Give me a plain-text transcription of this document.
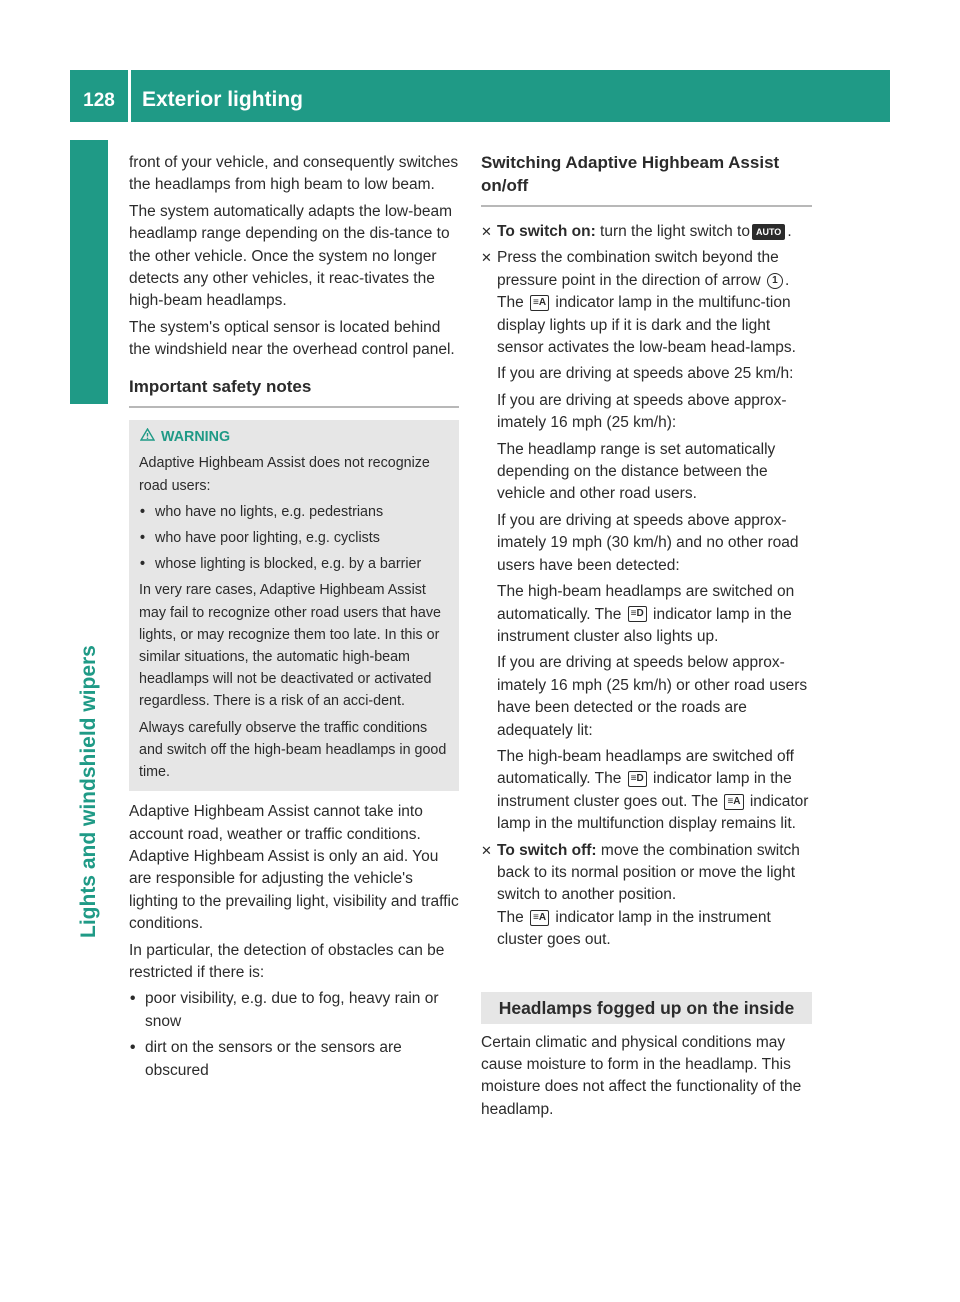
128	Exterior lighting
Lights and windshield wipers

front of your vehicle, and consequently switches the headlamps from high beam to low beam.

The system automatically adapts the low-beam headlamp range depending on the dis-tance to the other vehicle. Once the system no longer detects any other vehicles, it reac-tivates the high-beam headlamps.

The system's optical sensor is located behind the windshield near the overhead control panel.

Important safety notes
WARNING

Adaptive Highbeam Assist does not recognize road users:

• who have no lights, e.g. pedestrians
• who have poor lighting, e.g. cyclists
• whose lighting is blocked, e.g. by a barrier

In very rare cases, Adaptive Highbeam Assist may fail to recognize other road users that have lights, or may recognize them too late. In this or similar situations, the automatic high-beam headlamps will not be deactivated or activated regardless. There is a risk of an acci-dent.

Always carefully observe the traffic conditions and switch off the high-beam headlamps in good time.

Adaptive Highbeam Assist cannot take into account road, weather or traffic conditions. Adaptive Highbeam Assist is only an aid. You are responsible for adjusting the vehicle's lighting to the prevailing light, visibility and traffic conditions.

In particular, the detection of obstacles can be restricted if there is:

• poor visibility, e.g. due to fog, heavy rain or snow
• dirt on the sensors or the sensors are obscured
Switching Adaptive Highbeam Assist on/off
✕ To switch on: turn the light switch to AUTO .
✕ Press the combination switch beyond the pressure point in the direction of arrow 1 . The ≡A indicator lamp in the multifunc-tion display lights up if it is dark and the light sensor activates the low-beam head-lamps.

If you are driving at speeds above 25 km/h:

If you are driving at speeds above approx-imately 16 mph (25 km/h):

The headlamp range is set automatically depending on the distance between the vehicle and other road users.

If you are driving at speeds above approx-imately 19 mph (30 km/h) and no other road users have been detected:

The high-beam headlamps are switched on automatically. The ≡D indicator lamp in the instrument cluster also lights up.

If you are driving at speeds below approx-imately 16 mph (25 km/h) or other road users have been detected or the roads are adequately lit:

The high-beam headlamps are switched off automatically. The ≡D indicator lamp in the instrument cluster goes out. The ≡A indicator lamp in the multifunction display remains lit.

✕ To switch off: move the combination switch back to its normal position or move the light switch to another position.
The ≡A indicator lamp in the instrument cluster goes out.
Headlamps fogged up on the inside

Certain climatic and physical conditions may cause moisture to form in the headlamp. This moisture does not affect the functionality of the headlamp.
